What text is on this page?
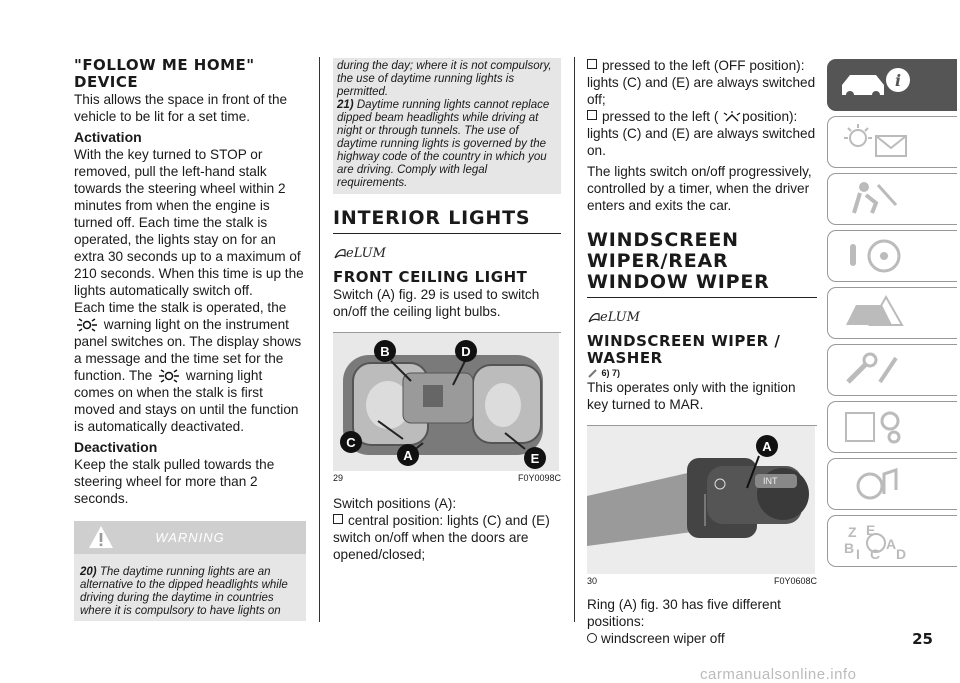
"FOLLOW ME HOME" DEVICE

This allows the space in front of the vehicle to be lit for a set time.

Activation

With the key turned to STOP or removed, pull the left-hand stalk towards the steering wheel within 2 minutes from when the engine is turned off. Each time the stalk is operated, the lights stay on for an extra 30 seconds up to a maximum of 210 seconds. When this time is up the lights automatically switch off.

Each time the stalk is operated, the
warning light on the instrument panel switches on. The display shows a message and the time set for the function. The warning light comes on when the stalk is first moved and stays on until the function is automatically deactivated.

Deactivation

Keep the stalk pulled towards the steering wheel for more than 2 seconds.

WARNING

20) The daytime running lights are an alternative to the dipped headlights while driving during the daytime in countries where it is compulsory to have lights on

during the day; where it is not compulsory, the use of daytime running lights is permitted.

21) Daytime running lights cannot replace dipped beam headlights while driving at night or through tunnels. The use of daytime running lights is governed by the highway code of the country in which you are driving. Comply with legal requirements.

INTERIOR LIGHTS
eLUM
FRONT CEILING LIGHT

Switch (A) fig. 29 is used to switch on/off the ceiling light bulbs.

B	D
C
A	E
29	F0Y0098C

Switch positions (A):

central position: lights (C) and (E) switch on/off when the doors are opened/closed;

pressed to the left (OFF position): lights (C) and (E) are always switched off;

pressed to the left ( position): lights (C) and (E) are always switched on.

The lights switch on/off progressively, controlled by a timer, when the driver enters and exits the car.

WINDSCREEN WIPER/REAR WINDOW WIPER
eLUM
WINDSCREEN WIPER / WASHER

6) 7)

This operates only with the ignition key turned to MAR.

INT
A
30	F0Y0608C

Ring (A) fig. 30 has five different positions:

windscreen wiper off

i
Z E
B A
I C D
25
carmanualsonline.info
